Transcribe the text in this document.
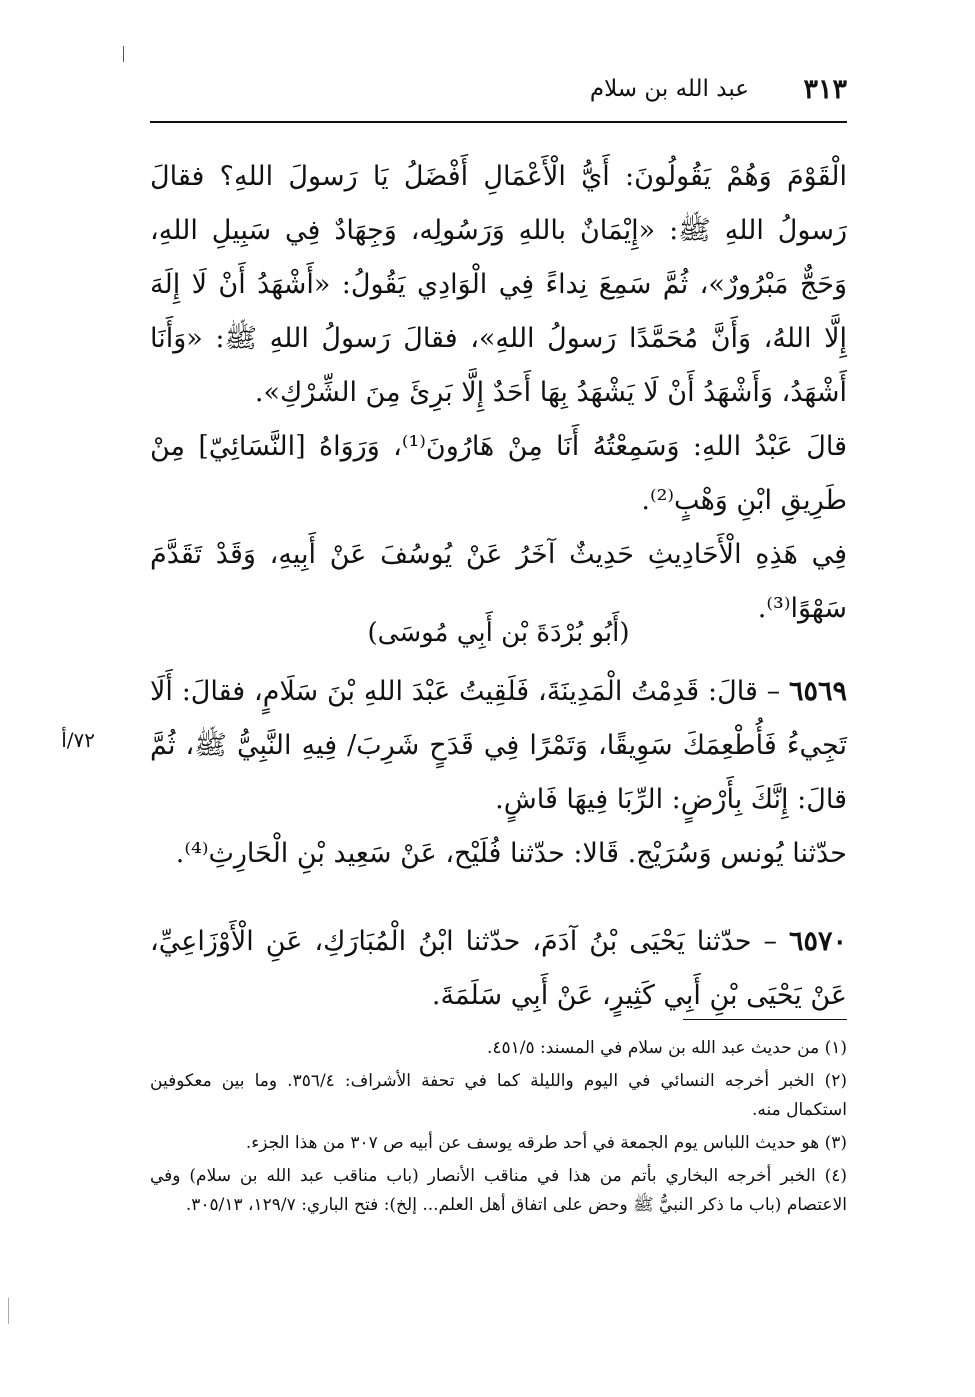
٣١٣
عبد الله بن سلام

الْقَوْمَ وَهُمْ يَقُولُونَ: أَيُّ الْأَعْمَالِ أَفْضَلُ يَا رَسولَ اللهِ؟ فقالَ رَسولُ اللهِ ﷺ: «إِيْمَانٌ باللهِ وَرَسُولِه، وَجِهَادٌ فِي سَبِيلِ اللهِ، وَحَجٌّ مَبْرُورٌ»، ثُمَّ سَمِعَ نِداءً فِي الْوَادِي يَقُولُ: «أَشْهَدُ أَنْ لَا إِلَهَ إِلَّا اللهُ، وَأَنَّ مُحَمَّدًا رَسولُ اللهِ»، فقالَ رَسولُ اللهِ ﷺ: «وَأَنَا أَشْهَدُ، وَأَشْهَدُ أَنْ لَا يَشْهَدُ بِهَا أَحَدٌ إِلَّا بَرِئَ مِنَ الشِّرْكِ».

قالَ عَبْدُ اللهِ: وَسَمِعْتُهُ أَنَا مِنْ هَارُونَ⁽¹⁾، وَرَوَاهُ [النَّسَائِيّ] مِنْ طَرِيقِ ابْنِ وَهْبٍ⁽²⁾.

فِي هَذِهِ الْأَحَادِيثِ حَدِيثٌ آخَرُ عَنْ يُوسُفَ عَنْ أَبِيهِ، وَقَدْ تَقَدَّمَ سَهْوًا⁽³⁾.

(أَبُو بُرْدَةَ بْن أَبِي مُوسَى)

٦٥٦٩ – قالَ: قَدِمْتُ الْمَدِينَةَ، فَلَقِيتُ عَبْدَ اللهِ بْنَ سَلَامٍ، فقالَ: أَلَا تَجِيءُ فَأُطْعِمَكَ سَوِيقًا، وَتَمْرًا فِي قَدَحٍ شَرِبَ/ فِيهِ النَّبِيُّ ﷺ، ثُمَّ قالَ: إِنَّكَ بِأَرْضٍ: الرِّبَا فِيهَا فَاشٍ.

حدّثنا يُونس وَسُرَيْج. قَالا: حدّثنا فُلَيْح، عَنْ سَعِيد بْنِ الْحَارِثِ⁽⁴⁾.

٧٢/أ

٦٥٧٠ – حدّثنا يَحْيَى بْنُ آدَمَ، حدّثنا ابْنُ الْمُبَارَكِ، عَنِ الْأَوْزَاعِيِّ، عَنْ يَحْيَى بْنِ أَبِي كَثِيرٍ، عَنْ أَبِي سَلَمَةَ.

(١) من حديث عبد الله بن سلام في المسند: ٤٥١/٥.

(٢) الخبر أخرجه النسائي في اليوم والليلة كما في تحفة الأشراف: ٣٥٦/٤. وما بين معكوفين استكمال منه.

(٣) هو حديث اللباس يوم الجمعة في أحد طرقه يوسف عن أبيه ص ٣٠٧ من هذا الجزء.

(٤) الخبر أخرجه البخاري بأتم من هذا في مناقب الأنصار (باب مناقب عبد الله بن سلام) وفي الاعتصام (باب ما ذكر النبيُّ ﷺ وحض على اتفاق أهل العلم... إلخ): فتح الباري: ١٢٩/٧، ٣٠٥/١٣.
